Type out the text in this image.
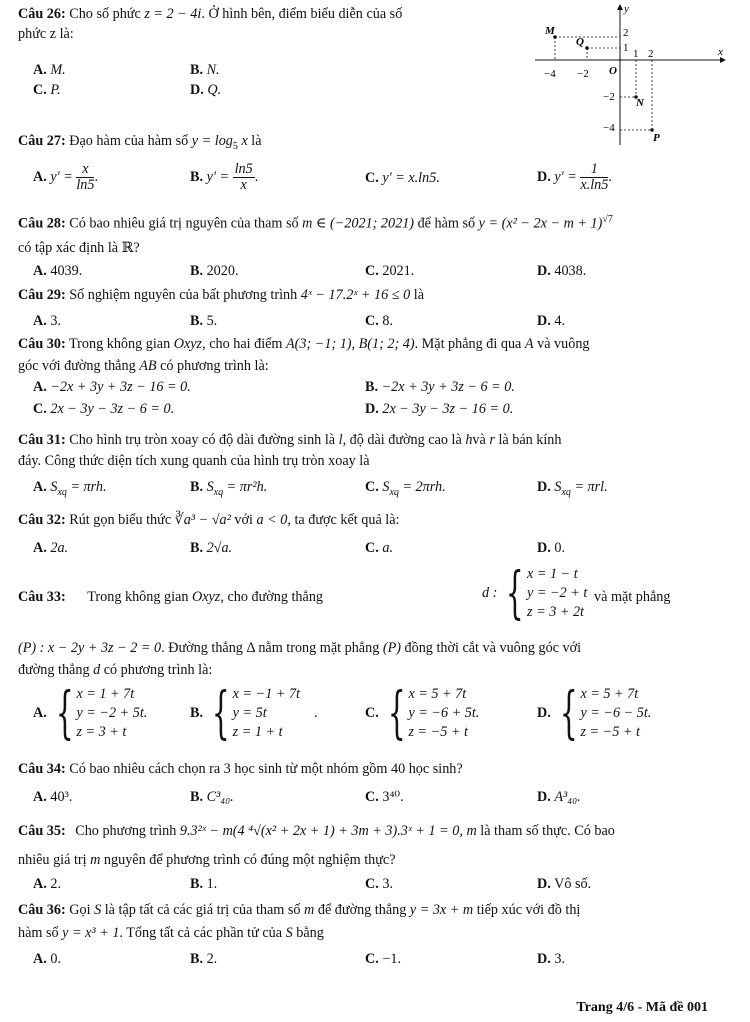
Câu 26: Cho số phức z = 2 − 4i. Ở hình bên, điểm biểu diễn của số
phức z là:
A. M.	B. N.
C. P.	D. Q.
y
x
O
M
Q
N
P
2
1 1 2
−4 −2
−2
−4
Câu 27: Đạo hàm của hàm số $y = \log_5 x$ là
A. $y' = \frac{x}{\ln 5}$ .	B. $y' = \frac{\ln 5}{x}$ .	C. y' = x.ln5.	D. $y' = \frac{1}{x.\ln 5}$ .
Câu 28: Có bao nhiêu giá trị nguyên của tham số m ∈ (−2021; 2021) để hàm số $y = (x^2 - 2x - m + 1)^{√7}$
có tập xác định là ℝ?
A. 4039.	B. 2020.	C. 2021.	D. 4038.
Câu 29: Số nghiệm nguyên của bất phương trình 4ˣ − 17.2ˣ + 16 ≤ 0 là
A. 3.	B. 5.	C. 8.	D. 4.
Câu 30: Trong không gian Oxyz, cho hai điểm A(3; −1; 1), B(1; 2; 4). Mặt phẳng đi qua A và vuông
góc với đường thẳng AB có phương trình là:
A. −2x + 3y + 3z − 16 = 0.	B. −2x + 3y + 3z − 6 = 0.
C. 2x − 3y − 3z − 6 = 0.	D. 2x − 3y − 3z − 16 = 0.
Câu 31: Cho hình trụ tròn xoay có độ dài đường sinh là l, độ dài đường cao là hvà r là bán kính
đáy. Công thức diện tích xung quanh của hình trụ tròn xoay là
A. $S_{xq} = \pi rh$.	B. $S_{xq} = \pi r^2h$.	C. $S_{xq} = 2\pi rh$.	D. $S_{xq} = \pi rl$.
Câu 32: Rút gọn biểu thức ∛a³ − √a² với a < 0, ta được kết quả là:
A. 2a.	B. 2√a.	C. a.	D. 0.
Câu 33: Trong không gian Oxyz, cho đường thẳng	d : { x = 1 − t
y = −2 + t
z = 3 + 2t
và mặt phẳng
(P) : x − 2y + 3z − 2 = 0. Đường thẳng Δ nằm trong mặt phẳng (P) đồng thời cắt và vuông góc với
đường thẳng d có phương trình là:
A. { x = 1 + 7t
y = −2 + 5t.
z = 3 + t
B. { x = −1 + 7t
y = 5t
z = 1 + t
.	C. { x = 5 + 7t
y = −6 + 5t.
z = −5 + t
D. { x = 5 + 7t
y = −6 − 5t.
z = −5 + t
Câu 34: Có bao nhiêu cách chọn ra 3 học sinh từ một nhóm gồm 40 học sinh?
A. 40³.	B. C³₄₀.	C. 3⁴⁰.	D. A³₄₀.
Câu 35: Cho phương trình 9.3²ˣ − m(4 ⁴√(x² + 2x + 1) + 3m + 3).3ˣ + 1 = 0, m là tham số thực. Có bao
nhiêu giá trị m nguyên để phương trình có đúng một nghiệm thực?
A. 2.	B. 1.	C. 3.	D. Vô số.
Câu 36: Gọi S là tập tất cả các giá trị của tham số m để đường thẳng y = 3x + m tiếp xúc với đồ thị
hàm số y = x³ + 1. Tổng tất cả các phần tử của S bằng
A. 0.	B. 2.	C. −1.	D. 3.
Trang 4/6 - Mã đề 001
